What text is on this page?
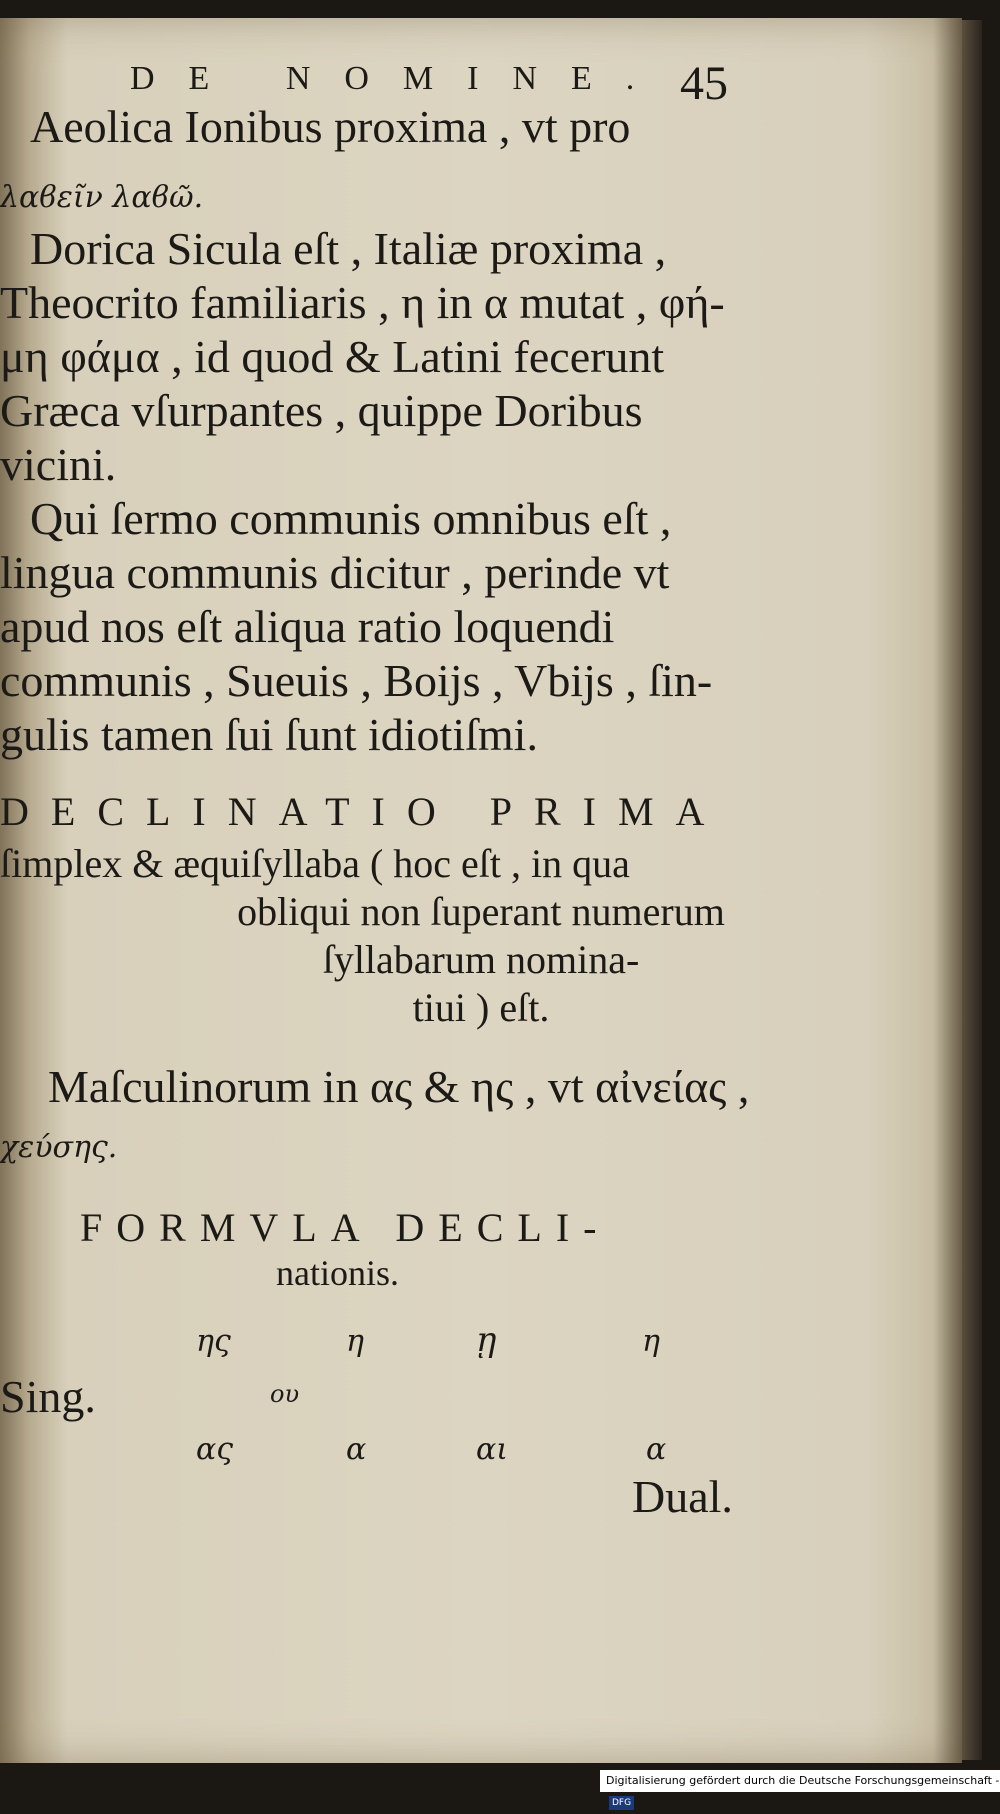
DE NOMINE. 45
Aeolica Ionibus proxima , vt pro
λαϐεῖν λαϐῶ.
Dorica Sicula eſt , Italiæ proxima ,
Theocrito familiaris , η in α mutat , φή-
μη φάμα , id quod & Latini fecerunt
Græca vſurpantes , quippe Doribus
vicini.
Qui ſermo communis omnibus eſt ,
lingua communis dicitur , perinde vt
apud nos eſt aliqua ratio loquendi
communis , Sueuis , Boijs , Vbijs , ſin-
gulis tamen ſui ſunt idiotiſmi.
DECLINATIO PRIMA
ſimplex & æquiſyllaba ( hoc eſt , in qua
obliqui non ſuperant numerum
ſyllabarum nomina-
tiui ) eſt.
Maſculinorum in ας & ης , vt αἰνείας ,
χεύσης.
FORMVLA DECLI-
nationis.
ης	η	ῃ	η
Sing.	ου
ας	α	αι	α
Dual.
Digitalisierung gefördert durch die Deutsche Forschungsgemeinschaft -DFG
